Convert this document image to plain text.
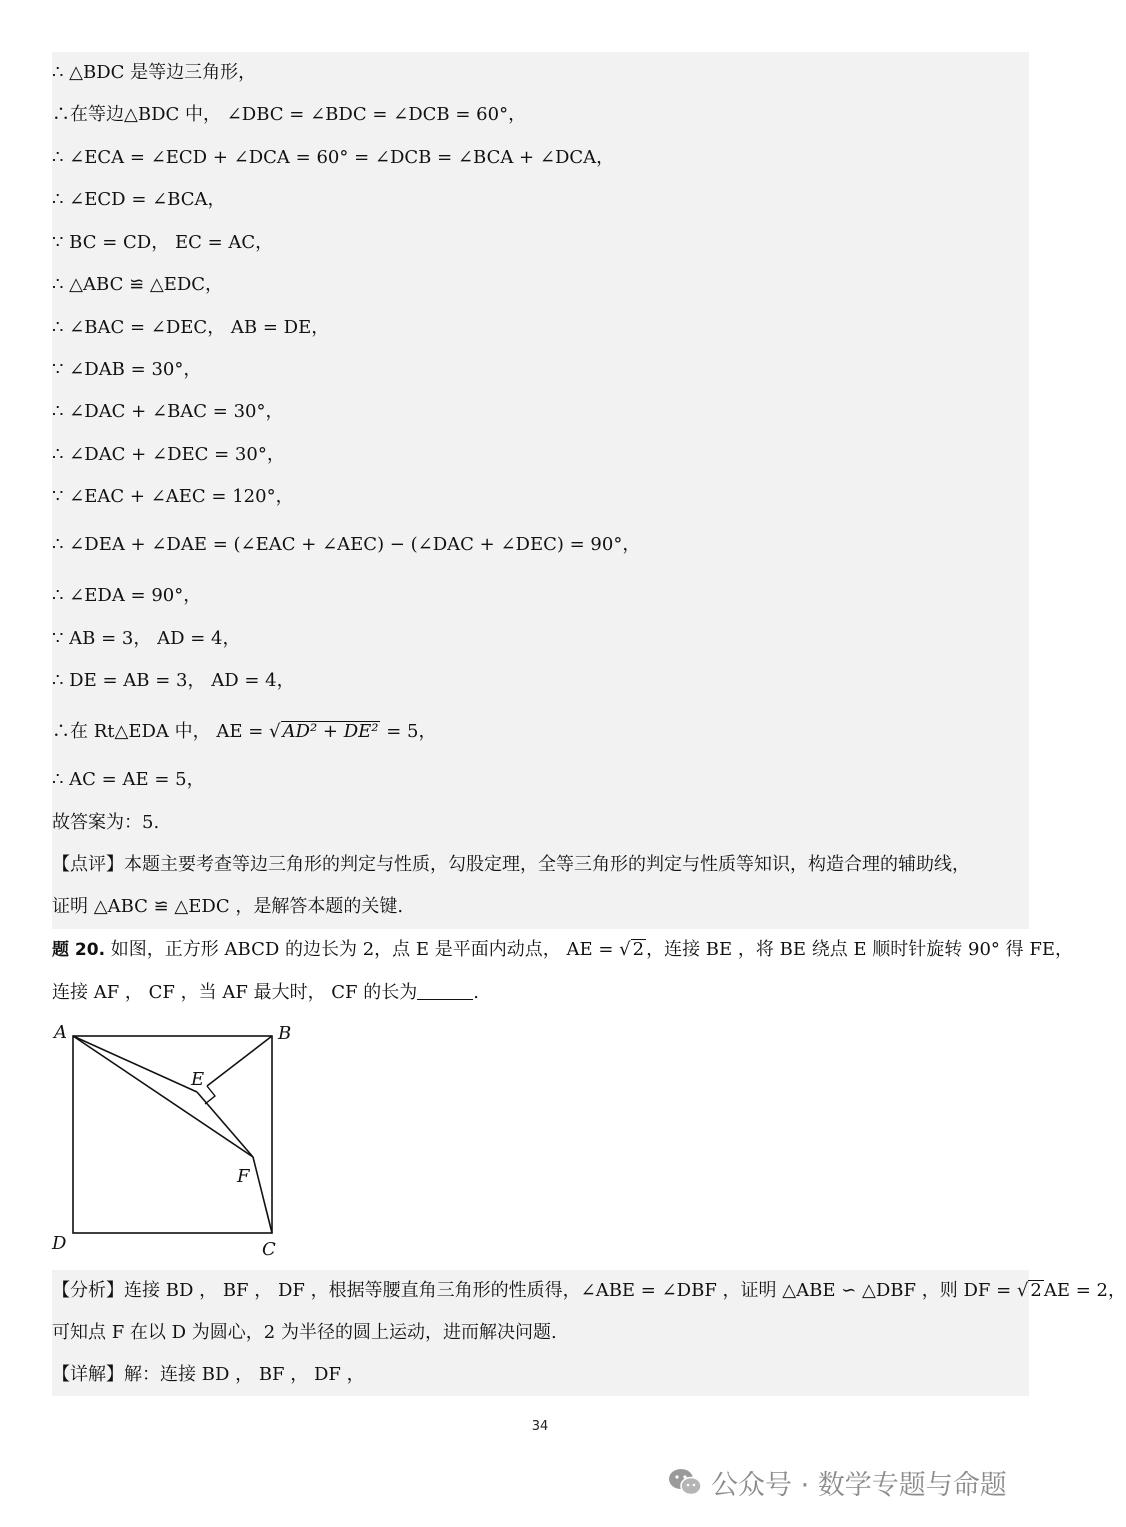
∴ △BDC 是等边三角形，
∴在等边△BDC 中， ∠DBC = ∠BDC = ∠DCB = 60°，
∴ ∠ECA = ∠ECD + ∠DCA = 60° = ∠DCB = ∠BCA + ∠DCA，
∴ ∠ECD = ∠BCA，
∵ BC = CD， EC = AC，
∴ △ABC ≌ △EDC，
∴ ∠BAC = ∠DEC， AB = DE，
∵ ∠DAB = 30°，
∴ ∠DAC + ∠BAC = 30°，
∴ ∠DAC + ∠DEC = 30°，
∵ ∠EAC + ∠AEC = 120°，
∴ ∠DEA + ∠DAE = (∠EAC + ∠AEC) − (∠DAC + ∠DEC) = 90°，
∴ ∠EDA = 90°，
∵ AB = 3， AD = 4，
∴ DE = AB = 3， AD = 4，
∴在 Rt△EDA 中， AE = √ AD² + DE² = 5，
∴ AC = AE = 5，
故答案为：5.
【点评】本题主要考查等边三角形的判定与性质，勾股定理，全等三角形的判定与性质等知识，构造合理的辅助线，
证明 △ABC ≌ △EDC ，是解答本题的关键.
题 20. 如图，正方形 ABCD 的边长为 2，点 E 是平面内动点， AE = √ 2 ，连接 BE ，将 BE 绕点 E 顺时针旋转 90° 得 FE，
连接 AF ， CF ，当 AF 最大时， CF 的长为	.
A	B
C
D
E
F
【分析】连接 BD ， BF ， DF ，根据等腰直角三角形的性质得，∠ABE = ∠DBF ，证明 △ABE ∽ △DBF ，则 DF = √ 2 AE = 2，
可知点 F 在以 D 为圆心，2 为半径的圆上运动，进而解决问题.
【详解】解：连接 BD ， BF ， DF ，
34
公众号 · 数学专题与命题
